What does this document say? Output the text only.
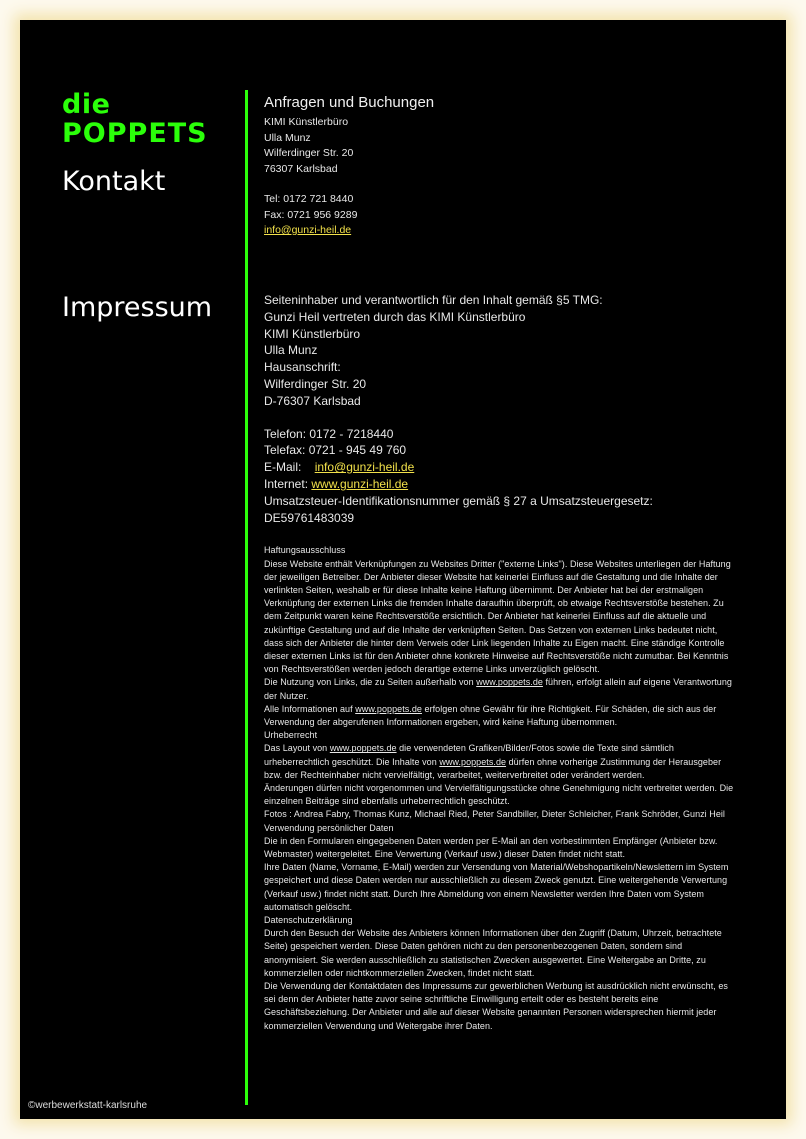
die
POPPETS
Kontakt
Impressum
Anfragen und Buchungen
KIMI Künstlerbüro
Ulla Munz
Wilferdinger Str. 20
76307 Karlsbad
Tel: 0172 721 8440
Fax: 0721 956 9289
info@gunzi-heil.de
Seiteninhaber und verantwortlich für den Inhalt gemäß §5 TMG:
Gunzi Heil vertreten durch das KIMI Künstlerbüro
KIMI Künstlerbüro
Ulla Munz
Hausanschrift:
Wilferdinger Str. 20
D-76307 Karlsbad
Telefon: 0172 - 7218440
Telefax: 0721 - 945 49 760
E-Mail: info@gunzi-heil.de
Internet: www.gunzi-heil.de
Umsatzsteuer-Identifikationsnummer gemäß § 27 a Umsatzsteuergesetz:
DE59761483039
Haftungsausschluss
Diese Website enthält Verknüpfungen zu Websites Dritter ("externe Links"). Diese Websites unterliegen der Haftung der jeweiligen Betreiber. Der Anbieter dieser Website hat keinerlei Einfluss auf die Gestaltung und die Inhalte der verlinkten Seiten, weshalb er für diese Inhalte keine Haftung übernimmt. Der Anbieter hat bei der erstmaligen Verknüpfung der externen Links die fremden Inhalte daraufhin überprüft, ob etwaige Rechtsverstöße bestehen. Zu dem Zeitpunkt waren keine Rechtsverstöße ersichtlich. Der Anbieter hat keinerlei Einfluss auf die aktuelle und zukünftige Gestaltung und auf die Inhalte der verknüpften Seiten. Das Setzen von externen Links bedeutet nicht, dass sich der Anbieter die hinter dem Verweis oder Link liegenden Inhalte zu Eigen macht. Eine ständige Kontrolle dieser externen Links ist für den Anbieter ohne konkrete Hinweise auf Rechtsverstöße nicht zumutbar. Bei Kenntnis von Rechtsverstößen werden jedoch derartige externe Links unverzüglich gelöscht.
Die Nutzung von Links, die zu Seiten außerhalb von www.poppets.de führen, erfolgt allein auf eigene Verantwortung der Nutzer.
Alle Informationen auf www.poppets.de erfolgen ohne Gewähr für ihre Richtigkeit. Für Schäden, die sich aus der Verwendung der abgerufenen Informationen ergeben, wird keine Haftung übernommen.
Urheberrecht
Das Layout von www.poppets.de die verwendeten Grafiken/Bilder/Fotos sowie die Texte sind sämtlich urheberrechtlich geschützt. Die Inhalte von www.poppets.de dürfen ohne vorherige Zustimmung der Herausgeber bzw. der Rechteinhaber nicht vervielfältigt, verarbeitet, weiterverbreitet oder verändert werden.
Änderungen dürfen nicht vorgenommen und Vervielfältigungsstücke ohne Genehmigung nicht verbreitet werden. Die einzelnen Beiträge sind ebenfalls urheberrechtlich geschützt.
Fotos : Andrea Fabry, Thomas Kunz, Michael Ried, Peter Sandbiller, Dieter Schleicher, Frank Schröder, Gunzi Heil
Verwendung persönlicher Daten
Die in den Formularen eingegebenen Daten werden per E-Mail an den vorbestimmten Empfänger (Anbieter bzw. Webmaster) weitergeleitet. Eine Verwertung (Verkauf usw.) dieser Daten findet nicht statt.
Ihre Daten (Name, Vorname, E-Mail) werden zur Versendung von Material/Webshopartikeln/Newslettern im System gespeichert und diese Daten werden nur ausschließlich zu diesem Zweck genutzt. Eine weitergehende Verwertung (Verkauf usw.) findet nicht statt. Durch Ihre Abmeldung von einem Newsletter werden Ihre Daten vom System automatisch gelöscht.
Datenschutzerklärung
Durch den Besuch der Website des Anbieters können Informationen über den Zugriff (Datum, Uhrzeit, betrachtete Seite) gespeichert werden. Diese Daten gehören nicht zu den personenbezogenen Daten, sondern sind anonymisiert. Sie werden ausschließlich zu statistischen Zwecken ausgewertet. Eine Weitergabe an Dritte, zu kommerziellen oder nichtkommerziellen Zwecken, findet nicht statt.
Die Verwendung der Kontaktdaten des Impressums zur gewerblichen Werbung ist ausdrücklich nicht erwünscht, es sei denn der Anbieter hatte zuvor seine schriftliche Einwilligung erteilt oder es besteht bereits eine Geschäftsbeziehung. Der Anbieter und alle auf dieser Website genannten Personen widersprechen hiermit jeder kommerziellen Verwendung und Weitergabe ihrer Daten.
©werbewerkstatt-karlsruhe
